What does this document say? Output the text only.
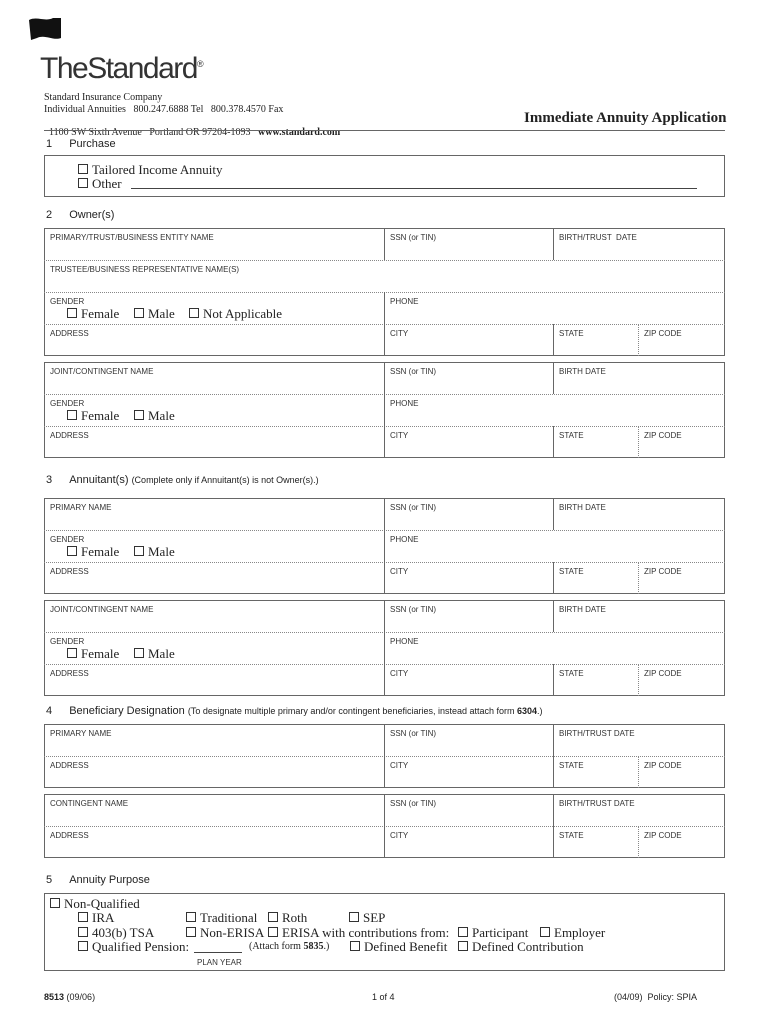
TheStandard®
Standard Insurance Company
Individual Annuities   800.247.6888 Tel   800.378.4570 Fax

1100 SW Sixth Avenue   Portland OR 97204-1093 www.standard.com

Immediate Annuity Application
1 Purchase
Tailored Income Annuity
Other
2 Owner(s)
PRIMARY/TRUST/BUSINESS ENTITY NAME	SSN (or TIN)	BIRTH/TRUST  DATE
TRUSTEE/BUSINESS REPRESENTATIVE NAME(S)
GENDER	PHONE
Female	Male	Not Applicable
ADDRESS	CITY	STATE	ZIP CODE
JOINT/CONTINGENT NAME	SSN (or TIN)	BIRTH DATE
GENDER	PHONE
Female	Male
ADDRESS	CITY	STATE	ZIP CODE
3 Annuitant(s) (Complete only if Annuitant(s) is not Owner(s).)
PRIMARY NAME	SSN (or TIN)	BIRTH DATE
GENDER	PHONE
Female	Male
ADDRESS	CITY	STATE	ZIP CODE
JOINT/CONTINGENT NAME	SSN (or TIN)	BIRTH DATE
GENDER	PHONE
Female	Male
ADDRESS	CITY	STATE	ZIP CODE
4 Beneficiary Designation (To designate multiple primary and/or contingent beneficiaries, instead attach form 6304.)
PRIMARY NAME	SSN (or TIN)	BIRTH/TRUST DATE
ADDRESS	CITY	STATE	ZIP CODE
CONTINGENT NAME	SSN (or TIN)	BIRTH/TRUST DATE
ADDRESS	CITY	STATE	ZIP CODE
5 Annuity Purpose
Non-Qualified
IRA	Traditional	Roth	SEP
403(b) TSA	Non-ERISA	ERISA with contributions from:	Participant	Employer
Qualified Pension:	(Attach form 5835.)	Defined Benefit	Defined Contribution
PLAN YEAR
8513 (09/06)	1 of 4	(04/09)  Policy: SPIA
